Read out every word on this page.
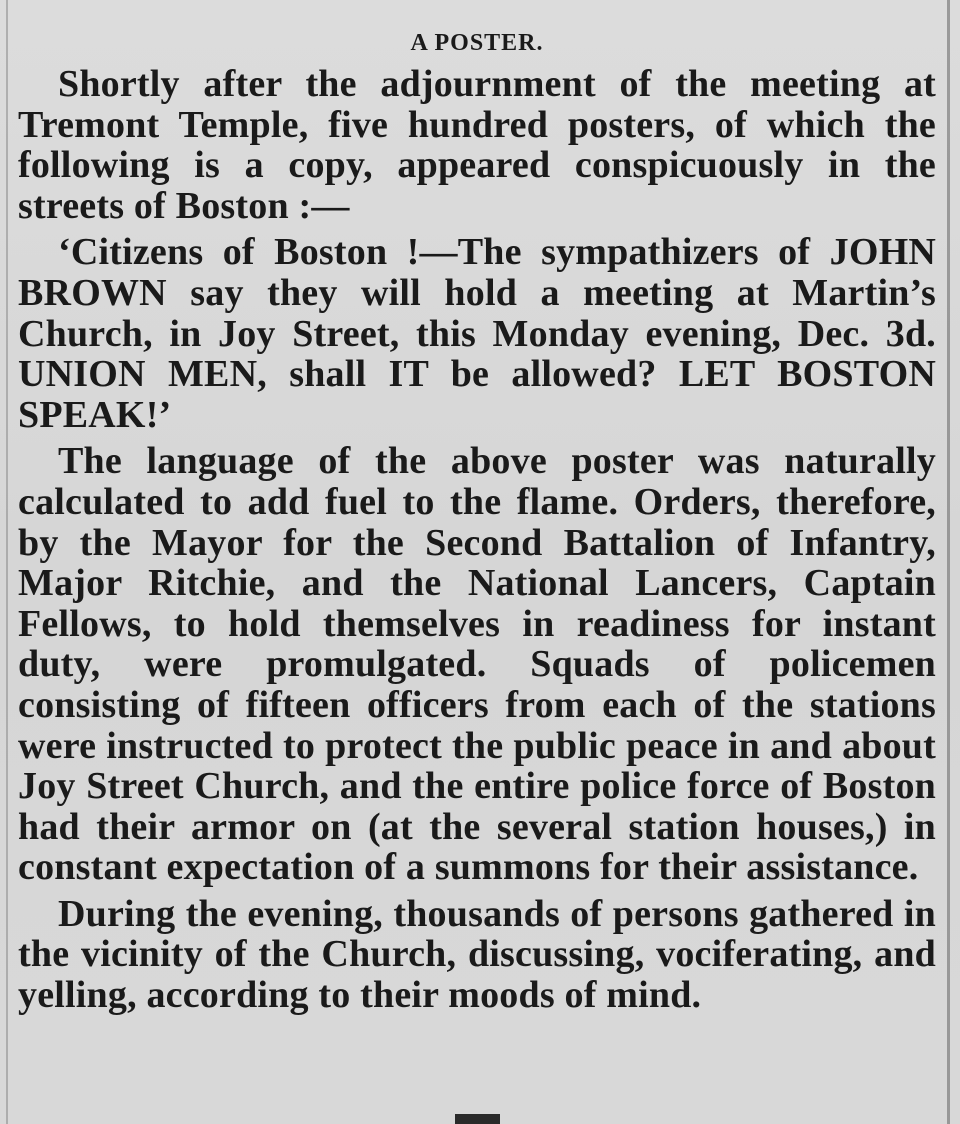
A POSTER.

Shortly after the adjournment of the meeting at Tremont Temple, five hundred posters, of which the following is a copy, appeared conspicuously in the streets of Boston :—

‘Citizens of Boston !—The sympathizers of JOHN BROWN say they will hold a meeting at Martin’s Church, in Joy Street, this Monday evening, Dec. 3d. UNION MEN, shall IT be allowed? LET BOSTON SPEAK!’

The language of the above poster was naturally calculated to add fuel to the flame. Orders, therefore, by the Mayor for the Second Battalion of Infantry, Major Ritchie, and the National Lancers, Captain Fellows, to hold themselves in readiness for instant duty, were promulgated. Squads of policemen consisting of fifteen officers from each of the stations were instructed to protect the public peace in and about Joy Street Church, and the entire police force of Boston had their armor on (at the several station houses,) in constant expectation of a summons for their assistance.

During the evening, thousands of persons gathered in the vicinity of the Church, discussing, vociferating, and yelling, according to their moods of mind.
